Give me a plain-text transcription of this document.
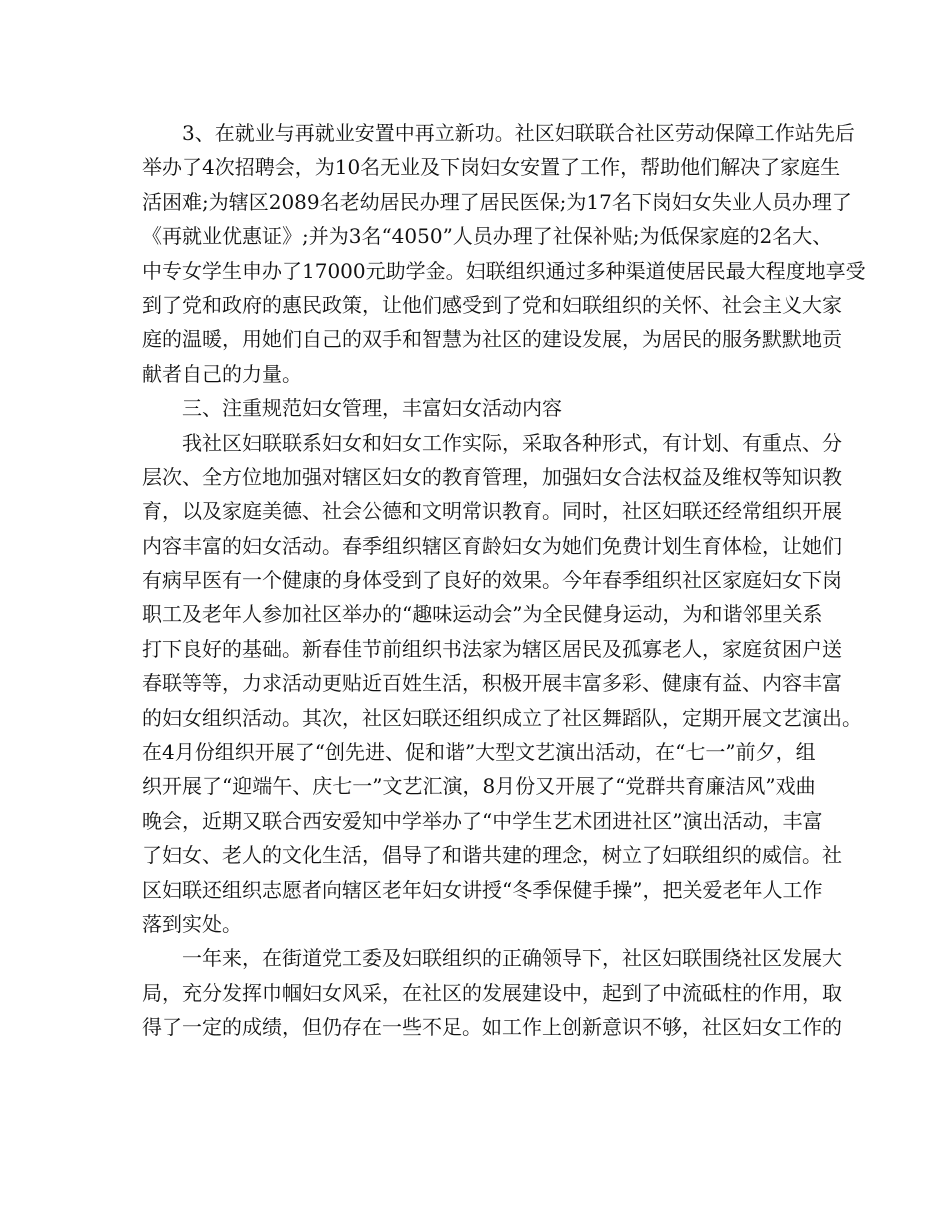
3、在就业与再就业安置中再立新功。社区妇联联合社区劳动保障工作站先后
举办了4次招聘会，为10名无业及下岗妇女安置了工作，帮助他们解决了家庭生
活困难;为辖区2089名老幼居民办理了居民医保;为17名下岗妇女失业人员办理了
《再就业优惠证》;并为3名“4050”人员办理了社保补贴;为低保家庭的2名大、
中专女学生申办了17000元助学金。妇联组织通过多种渠道使居民最大程度地享受
到了党和政府的惠民政策，让他们感受到了党和妇联组织的关怀、社会主义大家
庭的温暖，用她们自己的双手和智慧为社区的建设发展，为居民的服务默默地贡
献者自己的力量。
三、注重规范妇女管理，丰富妇女活动内容
我社区妇联联系妇女和妇女工作实际，采取各种形式，有计划、有重点、分
层次、全方位地加强对辖区妇女的教育管理，加强妇女合法权益及维权等知识教
育，以及家庭美德、社会公德和文明常识教育。同时，社区妇联还经常组织开展
内容丰富的妇女活动。春季组织辖区育龄妇女为她们免费计划生育体检，让她们
有病早医有一个健康的身体受到了良好的效果。今年春季组织社区家庭妇女下岗
职工及老年人参加社区举办的“趣味运动会”为全民健身运动，为和谐邻里关系
打下良好的基础。新春佳节前组织书法家为辖区居民及孤寡老人，家庭贫困户送
春联等等，力求活动更贴近百姓生活，积极开展丰富多彩、健康有益、内容丰富
的妇女组织活动。其次，社区妇联还组织成立了社区舞蹈队，定期开展文艺演出。
在4月份组织开展了“创先进、促和谐”大型文艺演出活动，在“七一”前夕，组
织开展了“迎端午、庆七一”文艺汇演，8月份又开展了“党群共育廉洁风”戏曲
晚会，近期又联合西安爱知中学举办了“中学生艺术团进社区”演出活动，丰富
了妇女、老人的文化生活，倡导了和谐共建的理念，树立了妇联组织的威信。社
区妇联还组织志愿者向辖区老年妇女讲授“冬季保健手操”，把关爱老年人工作
落到实处。
一年来，在街道党工委及妇联组织的正确领导下，社区妇联围绕社区发展大
局，充分发挥巾帼妇女风采，在社区的发展建设中，起到了中流砥柱的作用，取
得了一定的成绩，但仍存在一些不足。如工作上创新意识不够，社区妇女工作的
